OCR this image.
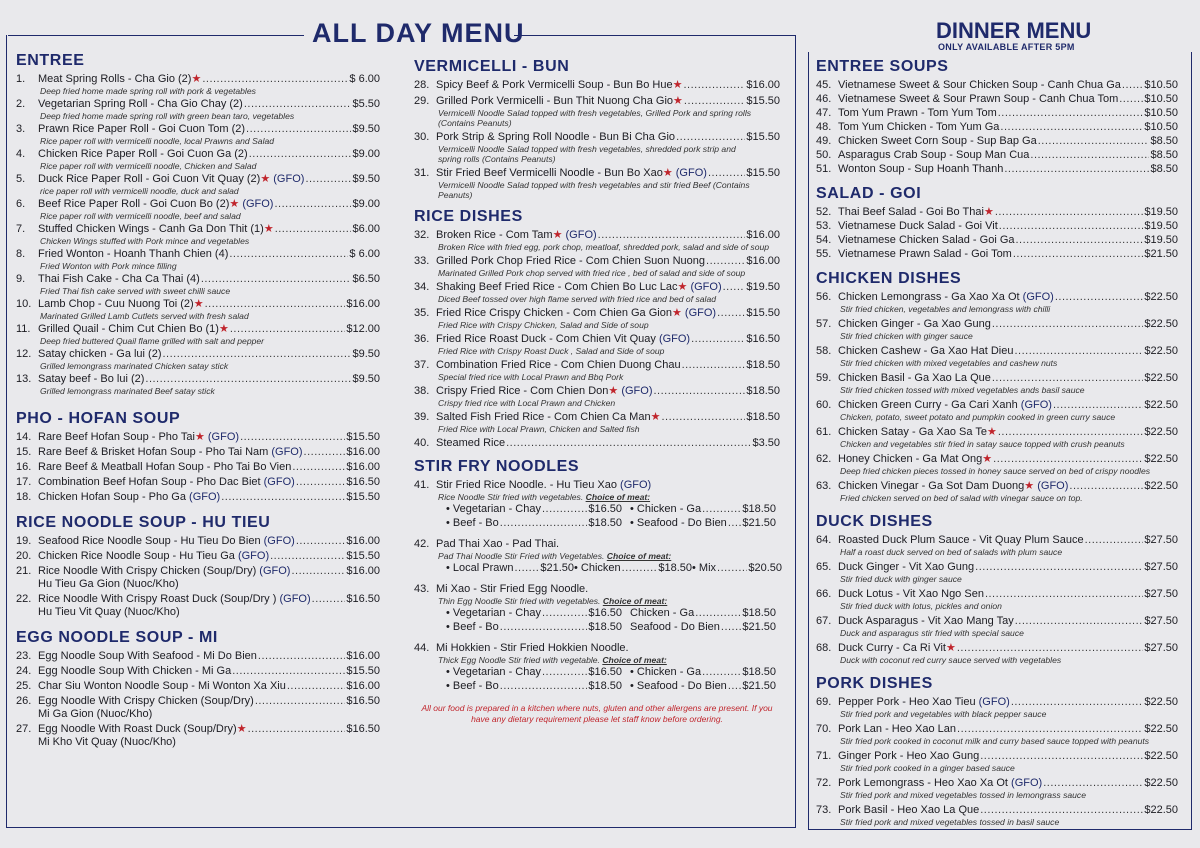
ALL DAY MENU	DINNER MENU
ONLY AVAILABLE AFTER 5PM
ENTREE
1.	Meat Spring Rolls - Cha Gio (2)★ .....	$ 6.00
Deep fried home made spring roll with pork & vegetables
2.	Vegetarian Spring Roll - Cha Gio Chay (2) .....	$5.50
Deep fried home made spring roll with green bean taro, vegetables
3.	Prawn Rice Paper Roll - Goi Cuon Tom (2) .....	$9.50
Rice paper roll with vermicelli noodle, local Prawns and Salad
4.	Chicken Rice Paper Roll - Goi Cuon Ga (2) .....	$9.00
Rice paper roll with vermicelli noodle, Chicken and Salad
5.	Duck Rice Paper Roll - Goi Cuon Vit Quay (2)★ (GFO) .....	$9.50
rice paper roll with vermicelli noodle, duck and salad
6.	Beef Rice Paper Roll - Goi Cuon Bo (2)★ (GFO) .....	$9.00
Rice paper roll with vermicelli noodle, beef and salad
7.	Stuffed Chicken Wings - Canh Ga Don Thit (1)★ .....	$6.00
Chicken Wings stuffed with Pork mince and vegetables
8.	Fried Wonton - Hoanh Thanh Chien (4) .....	$ 6.00
Fried Wonton with Pork mince filling
9.	Thai Fish Cake - Cha Ca Thai (4) .....	$6.50
Fried Thai fish cake served with sweet chilli sauce
10. Lamb Chop - Cuu Nuong Toi (2)★ .....	$16.00
Marinated Grilled Lamb Cutlets served with fresh salad
11. Grilled Quail - Chim Cut Chien Bo (1)★ .....	$12.00
Deep fried buttered Quail flame grilled with salt and pepper
12. Satay chicken - Ga lui (2) .....	$9.50
Grilled lemongrass marinated Chicken satay stick
13. Satay beef - Bo lui (2) .....	$9.50
Grilled lemongrass marinated Beef satay stick
PHO - HOFAN SOUP
14. Rare Beef Hofan Soup - Pho Tai★ (GFO) .....	$15.50
15. Rare Beef & Brisket Hofan Soup - Pho Tai Nam (GFO) .....	$16.00
16. Rare Beef & Meatball Hofan Soup - Pho Tai Bo Vien .....	$16.00
17. Combination Beef Hofan Soup - Pho Dac Biet (GFO) .....	$16.50
18. Chicken Hofan Soup - Pho Ga (GFO) .....	$15.50
RICE NOODLE SOUP - HU TIEU
19. Seafood Rice Noodle Soup - Hu Tieu Do Bien (GFO) .....	$16.00
20. Chicken Rice Noodle Soup - Hu Tieu Ga (GFO) .....	$15.50
21. Rice Noodle With Crispy Chicken (Soup/Dry) (GFO) .....	$16.00
Hu Tieu Ga Gion (Nuoc/Kho)
22. Rice Noodle With Crispy Roast Duck (Soup/Dry ) (GFO) .....	$16.50
Hu Tieu Vit Quay (Nuoc/Kho)
EGG NOODLE SOUP - MI
23. Egg Noodle Soup With Seafood - Mi Do Bien .....	$16.00
24. Egg Noodle Soup With Chicken - Mi Ga .....	$15.50
25. Char Siu Wonton Noodle Soup - Mi Wonton Xa Xiu .....	$16.00
26. Egg Noodle With Crispy Chicken (Soup/Dry) .....	$16.50
Mi Ga Gion (Nuoc/Kho)
27. Egg Noodle With Roast Duck (Soup/Dry)★ .....	$16.50
Mi Kho Vit Quay (Nuoc/Kho)
VERMICELLI - BUN
28. Spicy Beef & Pork Vermicelli Soup - Bun Bo Hue★ .....	$16.00
29. Grilled Pork Vermicelli - Bun Thit Nuong Cha Gio★ .....	$15.50
Vermicelli Noodle Salad topped with fresh vegetables, Grilled Pork and spring rolls
(Contains Peanuts)
30. Pork Strip & Spring Roll Noodle - Bun Bi Cha Gio .....	$15.50
Vermicelli Noodle Salad topped with fresh vegetables, shredded pork strip and
spring rolls (Contains Peanuts)
31. Stir Fried Beef Vermicelli Noodle - Bun Bo Xao★ (GFO) .....	$15.50
Vermicelli Noodle Salad topped with fresh vegetables and stir fried Beef (Contains
Peanuts)
RICE DISHES
32. Broken Rice - Com Tam★ (GFO) .....	$16.00
Broken Rice with fried egg, pork chop, meatloaf, shredded pork, salad and side of soup
33. Grilled Pork Chop Fried Rice - Com Chien Suon Nuong .....	$16.00
Marinated Grilled Pork chop served with fried rice , bed of salad and side of soup
34. Shaking Beef Fried Rice - Com Chien Bo Luc Lac★ (GFO) ..... $19.50
Diced Beef tossed over high flame served with fried rice and bed of salad
35. Fried Rice Crispy Chicken - Com Chien Ga Gion★ (GFO) .....	$15.50
Fried Rice with Crispy Chicken, Salad and Side of soup
36. Fried Rice Roast Duck - Com Chien Vit Quay (GFO) .....	$16.50
Fried Rice with Crispy Roast Duck , Salad and Side of soup
37. Combination Fried Rice - Com Chien Duong Chau .....	$18.50
Special fried rice with Local Prawn and Bbq Pork
38. Crispy Fried Rice - Com Chien Don★ (GFO) .....	$18.50
Crispy fried rice with Local Prawn and Chicken
39. Salted Fish Fried Rice - Com Chien Ca Man★ .....	$18.50
Fried Rice with Local Prawn, Chicken and Salted fish
40. Steamed Rice .....	$3.50
STIR FRY NOODLES
41. Stir Fried Rice Noodle. - Hu Tieu Xao (GFO)
Rice Noodle Stir fried with vegetables. Choice of meat:
• Vegetarian - Chay .....	$16.50 • Chicken - Ga .....	$18.50
• Beef - Bo .....	$18.50 • Seafood - Do Bien ..... $21.50
42. Pad Thai Xao - Pad Thai.
Pad Thai Noodle Stir Fried with Vegetables. Choice of meat:
• Local Prawn ..... $21.50 • Chicken .....	$18.50 • Mix .....	$20.50
43. Mi Xao - Stir Fried Egg Noodle.
Thin Egg Noodle Stir fried with vegetables. Choice of meat:
• Vegetarian - Chay .....	$16.50 Chicken - Ga .....	$18.50
• Beef - Bo .....	$18.50 Seafood - Do Bien ..... $21.50
44. Mi Hokkien - Stir Fried Hokkien Noodle.
Thick Egg Noodle Stir fried with vegetable. Choice of meat:
• Vegetarian - Chay .....	$16.50 • Chicken - Ga .....	$18.50
• Beef - Bo .....	$18.50 • Seafood - Do Bien ..... $21.50
All our food is prepared in a kitchen where nuts, gluten and other allergens are present. If you have any dietary requirement please let staff know before ordering.
ENTREE SOUPS
45. Vietnamese Sweet & Sour Chicken Soup - Canh Chua Ga ..... $10.50
46. Vietnamese Sweet & Sour Prawn Soup - Canh Chua Tom ..... $10.50
47. Tom Yum Prawn - Tom Yum Tom .....	$10.50
48. Tom Yum Chicken - Tom Yum Ga .....	$10.50
49. Chicken Sweet Corn Soup - Sup Bap Ga .....	$8.50
50. Asparagus Crab Soup - Soup Man Cua .....	$8.50
51. Wonton Soup - Sup Hoanh Thanh .....	$8.50
SALAD - GOI
52. Thai Beef Salad - Goi Bo Thai★ .....	$19.50
53. Vietnamese Duck Salad - Goi Vit .....	$19.50
54. Vietnamese Chicken Salad - Goi Ga .....	$19.50
55. Vietnamese Prawn Salad - Goi Tom .....	$21.50
CHICKEN DISHES
56. Chicken Lemongrass - Ga Xao Xa Ot (GFO) .....	$22.50
Stir fried chicken, vegetables and lemongrass with chilli
57. Chicken Ginger - Ga Xao Gung .....	$22.50
Stir fried chicken with ginger sauce
58. Chicken Cashew - Ga Xao Hat Dieu .....	$22.50
Stir fried chicken with mixed vegetables and cashew nuts
59. Chicken Basil - Ga Xao La Que .....	$22.50
Stir fried chicken tossed with mixed vegetables ands basil sauce
60. Chicken Green Curry - Ga Cari Xanh (GFO) .....	$22.50
Chicken, potato, sweet potato and pumpkin cooked in green curry sauce
61. Chicken Satay - Ga Xao Sa Te★ .....	$22.50
Chicken and vegetables stir fried in satay sauce topped with crush peanuts
62. Honey Chicken - Ga Mat Ong★ .....	$22.50
Deep fried chicken pieces tossed in honey sauce served on bed of crispy noodles
63. Chicken Vinegar - Ga Sot Dam Duong★ (GFO) .....	$22.50
Fried chicken served on bed of salad with vinegar sauce on top.
DUCK DISHES
64. Roasted Duck Plum Sauce - Vit Quay Plum Sauce .....	$27.50
Half a roast duck served on bed of salads with plum sauce
65. Duck Ginger - Vit Xao Gung .....	$27.50
Stir fried duck with ginger sauce
66. Duck Lotus - Vit Xao Ngo Sen .....	$27.50
Stir fried duck with lotus, pickles and onion
67. Duck Asparagus - Vit Xao Mang Tay .....	$27.50
Duck and asparagus stir fried with special sauce
68. Duck Curry - Ca Ri Vit★ .....	$27.50
Duck with coconut red curry sauce served with vegetables
PORK DISHES
69. Pepper Pork - Heo Xao Tieu (GFO) .....	$22.50
Stir fried pork and vegetables with black pepper sauce
70. Pork Lan - Heo Xao Lan .....	$22.50
Stir fried pork cooked in coconut milk and curry based sauce topped with peanuts
71. Ginger Pork - Heo Xao Gung .....	$22.50
Stir fried pork cooked in a ginger based sauce
72. Pork Lemongrass - Heo Xao Xa Ot (GFO) .....	$22.50
Stir fried pork and mixed vegetables tossed in lemongrass sauce
73. Pork Basil - Heo Xao La Que .....	$22.50
Stir fried pork and mixed vegetables tossed in basil sauce
